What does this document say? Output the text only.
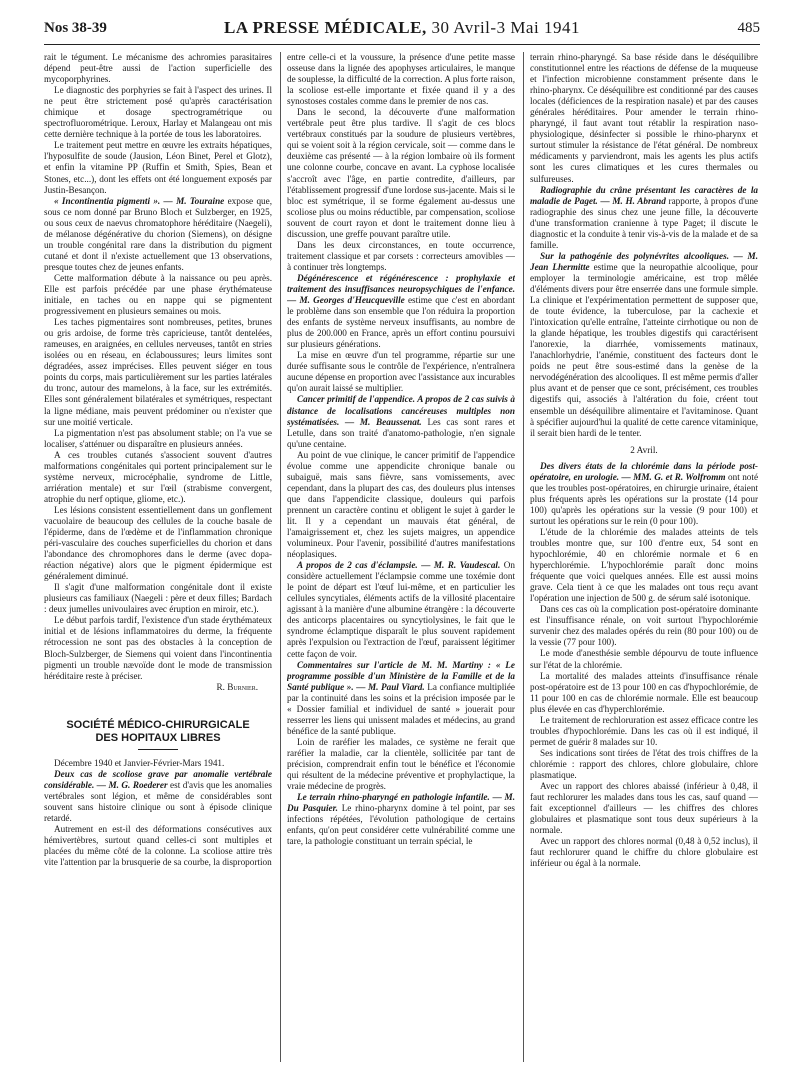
Nos 38-39	LA PRESSE MÉDICALE, 30 Avril-3 Mai 1941	485

rait le tégument. Le mécanisme des achromies parasitaires dépend peut-être aussi de l'action superficielle des mycoporphyrines.

Le diagnostic des porphyries se fait à l'aspect des urines. Il ne peut être strictement posé qu'après caractérisation chimique et dosage spectrogramétrique ou spectrofluorométrique. Leroux, Harlay et Malangeau ont mis cette dernière technique à la portée de tous les laboratoires.

Le traitement peut mettre en œuvre les extraits hépatiques, l'hyposulfite de soude (Jausion, Léon Binet, Perel et Glotz), et enfin la vitamine PP (Ruffin et Smith, Spies, Bean et Stones, etc...), dont les effets ont été longuement exposés par Justin-Besançon.

« Incontinentia pigmenti ». — M. Touraine expose que, sous ce nom donné par Bruno Bloch et Sulzberger, en 1925, ou sous ceux de naevus chromatophore héréditaire (Naegeli), de mélanose dégénérative du chorion (Siemens), on désigne un trouble congénital rare dans la distribution du pigment cutané et dont il n'existe actuellement que 13 observations, presque toutes chez de jeunes enfants.

Cette malformation débute à la naissance ou peu après. Elle est parfois précédée par une phase érythémateuse initiale, en taches ou en nappe qui se pigmentent progressivement en plusieurs semaines ou mois.

Les taches pigmentaires sont nombreuses, petites, brunes ou gris ardoise, de forme très capricieuse, tantôt dentelées, rameuses, en araignées, en cellules nerveuses, tantôt en stries isolées ou en réseau, en éclaboussures; leurs limites sont dégradées, assez imprécises. Elles peuvent siéger en tous points du corps, mais particulièrement sur les parties latérales du tronc, autour des mamelons, à la face, sur les extrémités. Elles sont généralement bilatérales et symétriques, respectant la ligne médiane, mais peuvent prédominer ou n'exister que sur une moitié verticale.

La pigmentation n'est pas absolument stable; on l'a vue se localiser, s'atténuer ou disparaître en plusieurs années.

A ces troubles cutanés s'associent souvent d'autres malformations congénitales qui portent principalement sur le système nerveux, microcéphalie, syndrome de Little, arriération mentale) et sur l'œil (strabisme convergent, atrophie du nerf optique, gliome, etc.).

Les lésions consistent essentiellement dans un gonflement vacuolaire de beaucoup des cellules de la couche basale de l'épiderme, dans de l'œdème et de l'inflammation chronique péri-vasculaire des couches superficielles du chorion et dans l'abondance des chromophores dans le derme (avec dopa-réaction négative) alors que le pigment épidermique est généralement diminué.

Il s'agit d'une malformation congénitale dont il existe plusieurs cas familiaux (Naegeli : père et deux filles; Bardach : deux jumelles univoulaires avec éruption en miroir, etc.).

Le début parfois tardif, l'existence d'un stade érythémateux initial et de lésions inflammatoires du derme, la fréquente rétrocession ne sont pas des obstacles à la conception de Bloch-Sulzberger, de Siemens qui voient dans l'incontinentia pigmenti un trouble nævoïde dont le mode de transmission héréditaire reste à préciser.

R. Burnier.
SOCIÉTÉ MÉDICO-CHIRURGICALE
DES HOPITAUX LIBRES

Décembre 1940 et Janvier-Février-Mars 1941.

Deux cas de scoliose grave par anomalie vertébrale considérable. — M. G. Roederer est d'avis que les anomalies vertébrales sont légion, et même de considérables sont souvent sans histoire clinique ou sont à épisode clinique retardé.

Autrement en est-il des déformations consécutives aux hémivertèbres, surtout quand celles-ci sont multiples et placées du même côté de la colonne. La scoliose attire très vite l'attention par la brusquerie de sa courbe, la disproportion

entre celle-ci et la voussure, la présence d'une petite masse osseuse dans la lignée des apophyses articulaires, le manque de souplesse, la difficulté de la correction. A plus forte raison, la scoliose est-elle importante et fixée quand il y a des synostoses costales comme dans le premier de nos cas.

Dans le second, la découverte d'une malformation vertébrale peut être plus tardive. Il s'agit de ces blocs vertébraux constitués par la soudure de plusieurs vertèbres, qui se voient soit à la région cervicale, soit — comme dans le deuxième cas présenté — à la région lombaire où ils forment une colonne courbe, concave en avant. La cyphose localisée s'accroît avec l'âge, en partie contredite, d'ailleurs, par l'établissement progressif d'une lordose sus-jacente. Mais si le bloc est symétrique, il se forme également au-dessus une scoliose plus ou moins réductible, par compensation, scoliose souvent de court rayon et dont le traitement donne lieu à discussion, une greffe pouvant paraître utile.

Dans les deux circonstances, en toute occurrence, traitement classique et par corsets : correcteurs amovibles — à continuer très longtemps.

Dégénérescence et régénérescence : prophylaxie et traitement des insuffisances neuropsychiques de l'enfance. — M. Georges d'Heucqueville estime que c'est en abordant le problème dans son ensemble que l'on réduira la proportion des enfants de système nerveux insuffisants, au nombre de plus de 200.000 en France, après un effort continu poursuivi sur plusieurs générations.

La mise en œuvre d'un tel programme, répartie sur une durée suffisante sous le contrôle de l'expérience, n'entraînera aucune dépense en proportion avec l'assistance aux incurables qu'on aurait laissé se multiplier.

Cancer primitif de l'appendice. A propos de 2 cas suivis à distance de localisations cancéreuses multiples non systématisées. — M. Beaussenat. Les cas sont rares et Letulle, dans son traité d'anatomo-pathologie, n'en signale qu'une centaine.

Au point de vue clinique, le cancer primitif de l'appendice évolue comme une appendicite chronique banale ou subaiguë, mais sans fièvre, sans vomissements, avec cependant, dans la plupart des cas, des douleurs plus intenses que dans l'appendicite classique, douleurs qui parfois prennent un caractère continu et obligent le sujet à garder le lit. Il y a cependant un mauvais état général, de l'amaigrissement et, chez les sujets maigres, un appendice volumineux. Pour l'avenir, possibilité d'autres manifestations néoplasiques.

A propos de 2 cas d'éclampsie. — M. R. Vaudescal. On considère actuellement l'éclampsie comme une toxémie dont le point de départ est l'œuf lui-même, et en particulier les cellules syncytiales, éléments actifs de la villosité placentaire agissant à la manière d'une albumine étrangère : la découverte des anticorps placentaires ou syncytiolysines, le fait que le syndrome éclamptique disparaît le plus souvent rapidement après l'expulsion ou l'extraction de l'œuf, paraissent légitimer cette façon de voir.

Commentaires sur l'article de M. M. Martiny : « Le programme possible d'un Ministère de la Famille et de la Santé publique ». — M. Paul Viard. La confiance multipliée par la continuité dans les soins et la précision imposée par le « Dossier familial et individuel de santé » jouerait pour resserrer les liens qui unissent malades et médecins, au grand bénéfice de la santé publique.

Loin de raréfier les malades, ce système ne ferait que raréfier la maladie, car la clientèle, sollicitée par tant de précision, comprendrait enfin tout le bénéfice et l'économie qui résultent de la médecine préventive et prophylactique, la vraie médecine de progrès.

Le terrain rhino-pharyngé en pathologie infantile. — M. Du Pasquier. Le rhino-pharynx domine à tel point, par ses infections répétées, l'évolution pathologique de certains enfants, qu'on peut considérer cette vulnérabilité comme une tare, la pathologie constituant un terrain spécial, le

terrain rhino-pharyngé. Sa base réside dans le déséquilibre constitutionnel entre les réactions de défense de la muqueuse et l'infection microbienne constamment présente dans le rhino-pharynx. Ce déséquilibre est conditionné par des causes locales (déficiences de la respiration nasale) et par des causes générales héréditaires. Pour amender le terrain rhino-pharyngé, il faut avant tout rétablir la respiration naso-physiologique, désinfecter si possible le rhino-pharynx et surtout stimuler la résistance de l'état général. De nombreux médicaments y parviendront, mais les agents les plus actifs sont les cures climatiques et les cures thermales ou sulfureuses.

Radiographie du crâne présentant les caractères de la maladie de Paget. — M. H. Abrand rapporte, à propos d'une radiographie des sinus chez une jeune fille, la découverte d'une transformation cranienne à type Paget; il discute le diagnostic et la conduite à tenir vis-à-vis de la malade et de sa famille.

Sur la pathogénie des polynévrites alcooliques. — M. Jean Lhermitte estime que la neuropathie alcoolique, pour employer la terminologie américaine, est trop mêlée d'éléments divers pour être enserrée dans une formule simple. La clinique et l'expérimentation permettent de supposer que, de toute évidence, la tuberculose, par la cachexie et l'intoxication qu'elle entraîne, l'atteinte cirrhotique ou non de la glande hépatique, les troubles digestifs qui caractérisent l'anorexie, la diarrhée, vomissements matinaux, l'anachlorhydrie, l'anémie, constituent des facteurs dont le poids ne peut être sous-estimé dans la genèse de la nervodégénération des alcooliques. Il est même permis d'aller plus avant et de penser que ce sont, précisément, ces troubles digestifs qui, associés à l'altération du foie, créent tout ensemble un déséquilibre alimentaire et l'avitaminose. Quant à spécifier aujourd'hui la qualité de cette carence vitaminique, il serait bien hardi de le tenter.

2 Avril.

Des divers états de la chlorémie dans la période post-opératoire, en urologie. — MM. G. et R. Wolfromm ont noté que les troubles post-opératoires, en chirurgie urinaire, étaient plus fréquents après les opérations sur la prostate (14 pour 100) qu'après les opérations sur la vessie (9 pour 100) et surtout les opérations sur le rein (0 pour 100).

L'étude de la chlorémie des malades atteints de tels troubles montre que, sur 100 d'entre eux, 54 sont en hypochlorémie, 40 en chlorémie normale et 6 en hyperchlorémie. L'hypochlorémie paraît donc moins fréquente que voici quelques années. Elle est aussi moins grave. Cela tient à ce que les malades ont tous reçu avant l'opération une injection de 500 g. de sérum salé isotonique.

Dans ces cas où la complication post-opératoire dominante est l'insuffisance rénale, on voit surtout l'hypochlorémie survenir chez des malades opérés du rein (80 pour 100) ou de la vessie (77 pour 100).

Le mode d'anesthésie semble dépourvu de toute influence sur l'état de la chlorémie.

La mortalité des malades atteints d'insuffisance rénale post-opératoire est de 13 pour 100 en cas d'hypochlorémie, de 11 pour 100 en cas de chlorémie normale. Elle est beaucoup plus élevée en cas d'hyperchlorémie.

Le traitement de rechloruration est assez efficace contre les troubles d'hypochlorémie. Dans les cas où il est indiqué, il permet de guérir 8 malades sur 10.

Ses indications sont tirées de l'état des trois chiffres de la chlorémie : rapport des chlores, chlore globulaire, chlore plasmatique.

Avec un rapport des chlores abaissé (inférieur à 0,48, il faut rechlorurer les malades dans tous les cas, sauf quand — fait exceptionnel d'ailleurs — les chiffres des chlores globulaires et plasmatique sont tous deux supérieurs à la normale.

Avec un rapport des chlores normal (0,48 à 0,52 inclus), il faut rechlorurer quand le chiffre du chlore globulaire est inférieur ou égal à la normale.
